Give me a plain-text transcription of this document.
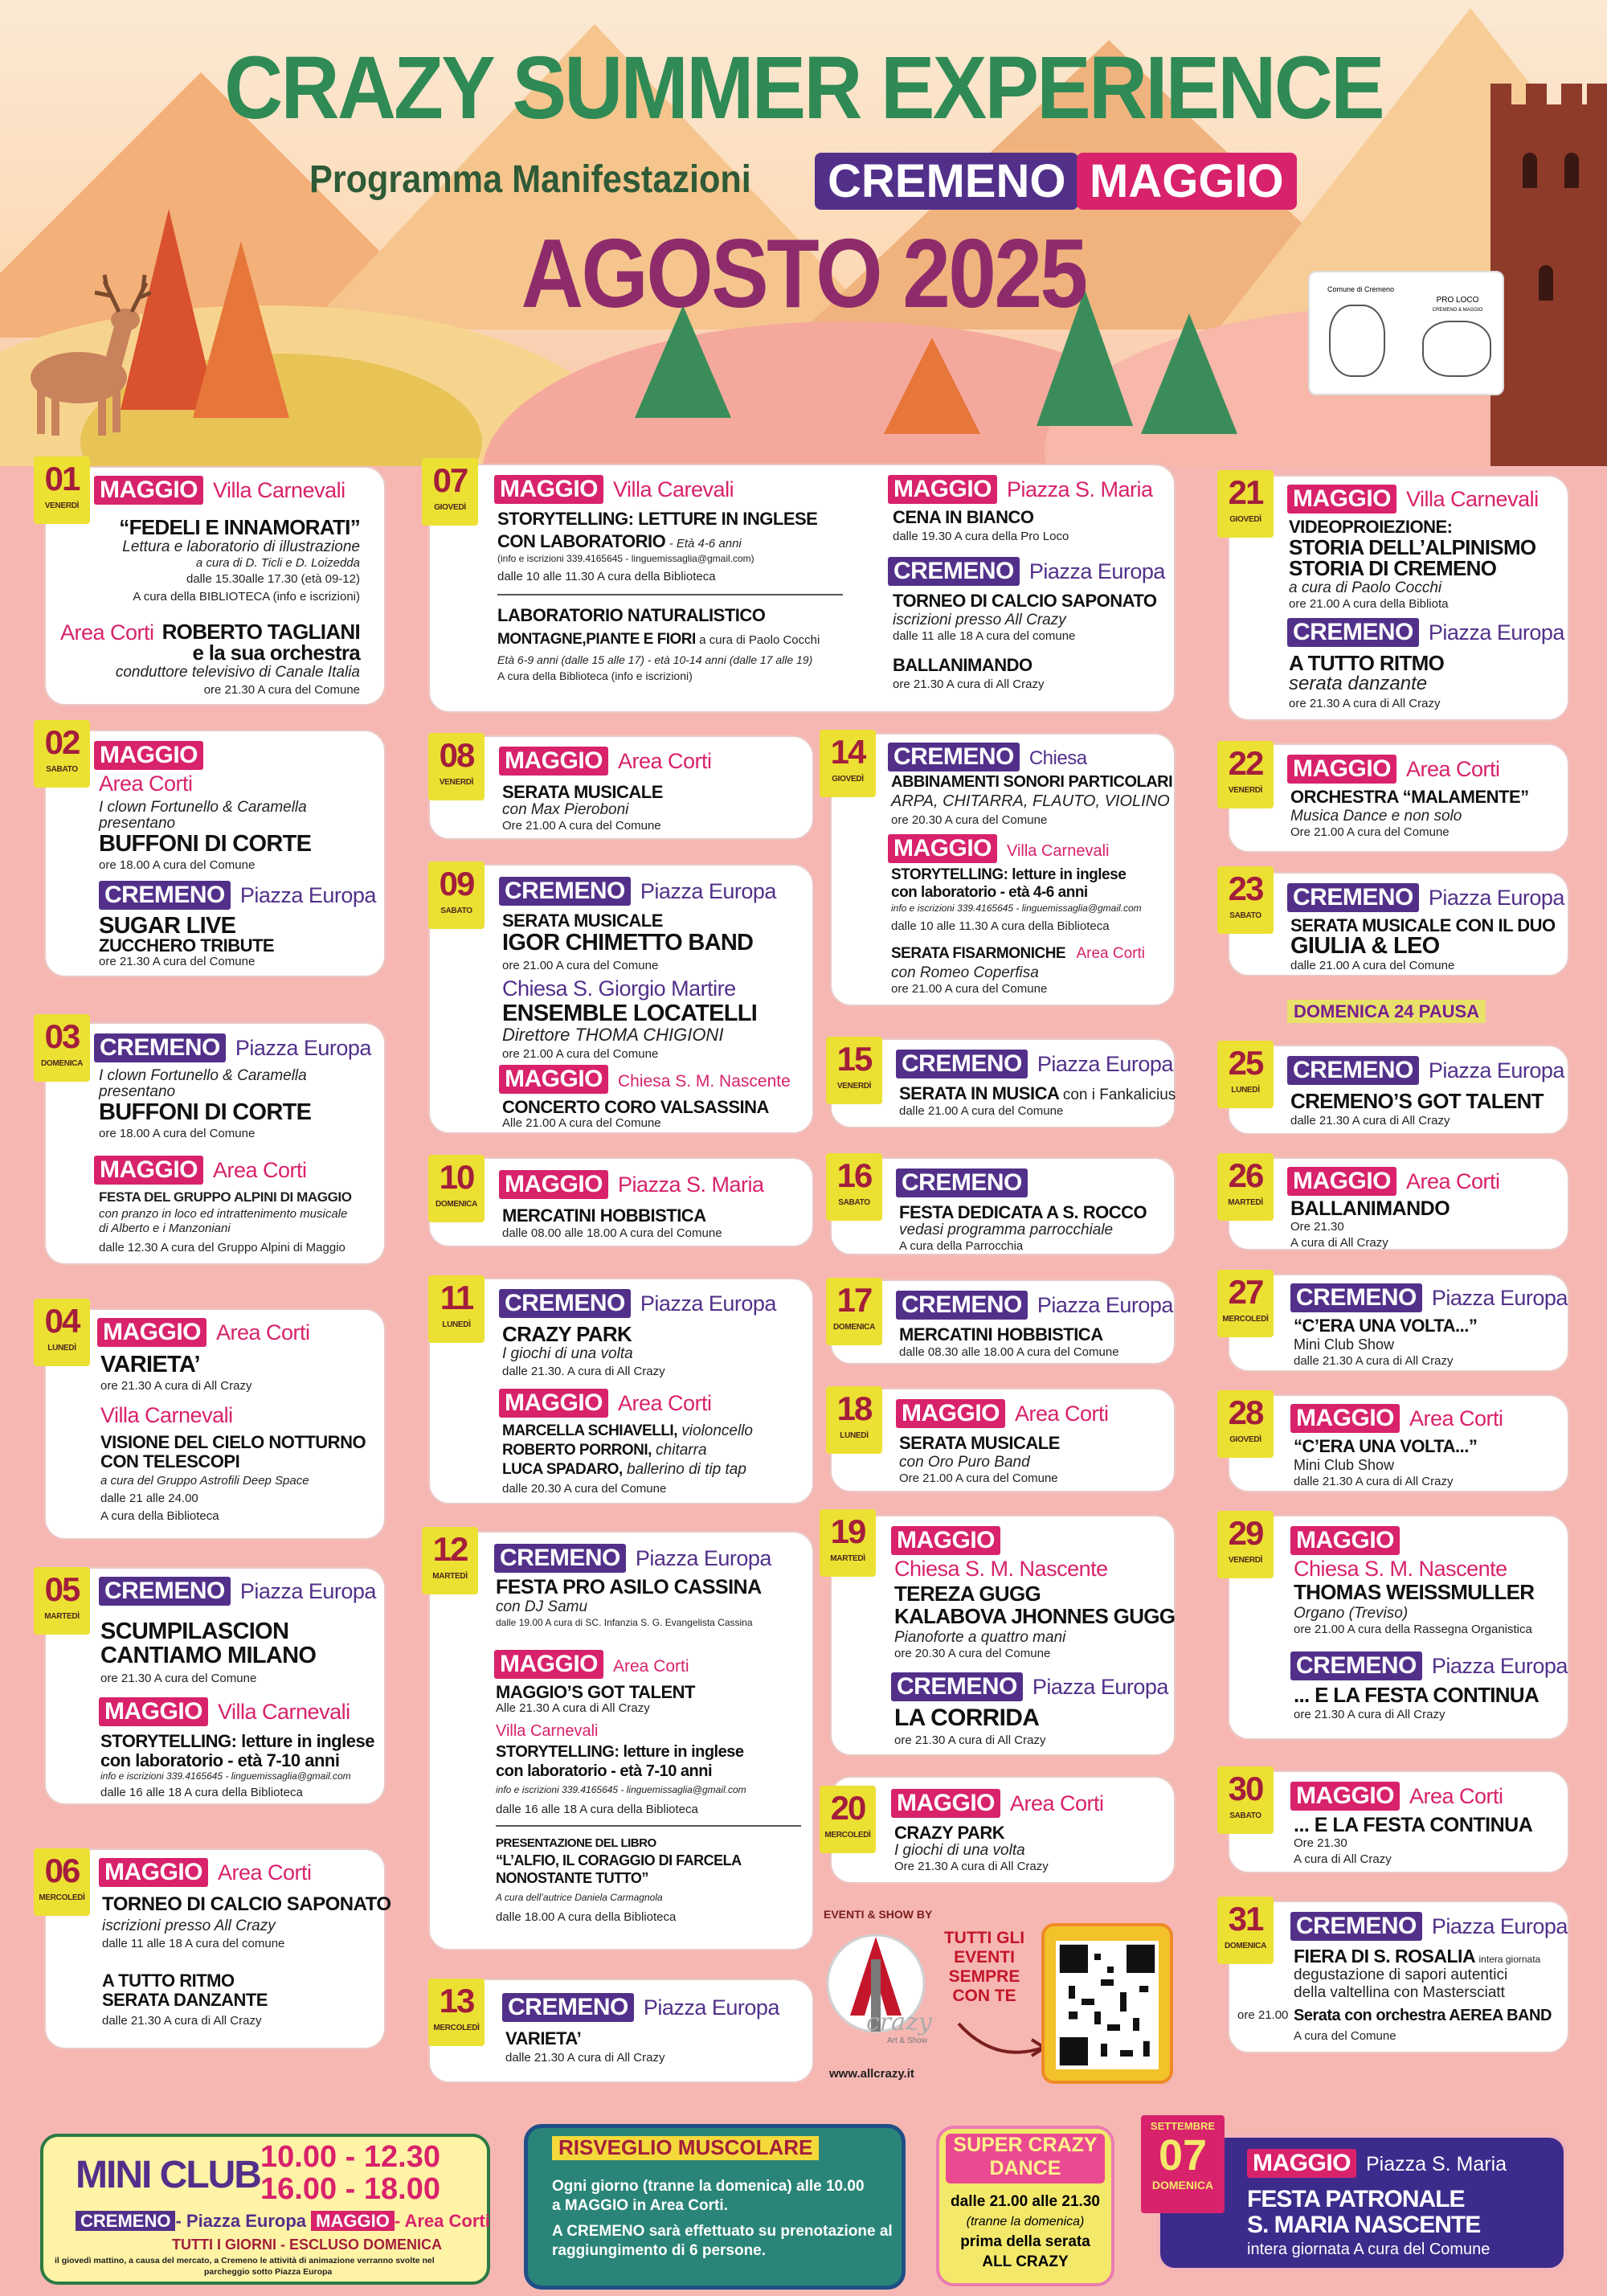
CRAZY SUMMER EXPERIENCE
Programma Manifestazioni CREMENO MAGGIO
AGOSTO 2025	Comune di Cremeno
PRO LOCO
CREMENO & MAGGIO
MAGGIO Villa Carnevali
“FEDELI E INNAMORATI”
Lettura e laboratorio di illustrazione
a cura di D. Ticli e D. Loizedda
dalle 15.30alle 17.30 (età 09-12)
A cura della BIBLIOTECA (info e iscrizioni)
Area Corti ROBERTO TAGLIANI
e la sua orchestra
conduttore televisivo di Canale Italia
ore 21.30 A cura del Comune
01
VENERDÌ
MAGGIO
Area Corti
I clown Fortunello & Caramella
presentano
BUFFONI DI CORTE
ore 18.00 A cura del Comune
CREMENO Piazza Europa
SUGAR LIVE
ZUCCHERO TRIBUTE
ore 21.30 A cura del Comune
02
SABATO
CREMENO Piazza Europa
I clown Fortunello & Caramella
presentano
BUFFONI DI CORTE
ore 18.00 A cura del Comune
MAGGIO Area Corti
FESTA DEL GRUPPO ALPINI DI MAGGIO
con pranzo in loco ed intrattenimento musicale
di Alberto e i Manzoniani
dalle 12.30 A cura del Gruppo Alpini di Maggio
03
DOMENICA
MAGGIO Area Corti
VARIETA’
ore 21.30 A cura di All Crazy
Villa Carnevali
VISIONE DEL CIELO NOTTURNO
CON TELESCOPI
a cura del Gruppo Astrofili Deep Space
dalle 21 alle 24.00
A cura della Biblioteca
04
LUNEDÌ
CREMENO Piazza Europa
SCUMPILASCION
CANTIAMO MILANO
ore 21.30 A cura del Comune
MAGGIO Villa Carnevali
STORYTELLING: letture in inglese
con laboratorio - età 7-10 anni
info e iscrizioni 339.4165645 - linguemissaglia@gmail.com
dalle 16 alle 18 A cura della Biblioteca
05
MARTEDÌ
MAGGIO Area Corti
TORNEO DI CALCIO SAPONATO
iscrizioni presso All Crazy
dalle 11 alle 18 A cura del comune
A TUTTO RITMO
SERATA DANZANTE
dalle 21.30 A cura di All Crazy
06
MERCOLEDÌ
MAGGIO Villa Carevali
STORYTELLING: LETTURE IN INGLESE
CON LABORATORIO - Età 4-6 anni
(info e iscrizioni 339.4165645 - linguemissaglia@gmail.com)
dalle 10 alle 11.30 A cura della Biblioteca
LABORATORIO NATURALISTICO
MONTAGNE,PIANTE E FIORI a cura di Paolo Cocchi
Età 6-9 anni (dalle 15 alle 17) - età 10-14 anni (dalle 17 alle 19)
A cura della Biblioteca (info e iscrizioni)
MAGGIO Piazza S. Maria
CENA IN BIANCO
dalle 19.30 A cura della Pro Loco
CREMENO Piazza Europa
TORNEO DI CALCIO SAPONATO
iscrizioni presso All Crazy
dalle 11 alle 18 A cura del comune
BALLANIMANDO
ore 21.30 A cura di All Crazy
07
GIOVEDÌ
MAGGIO Area Corti
SERATA MUSICALE
con Max Pieroboni
Ore 21.00 A cura del Comune
08
VENERDÌ
CREMENO Piazza Europa
SERATA MUSICALE
IGOR CHIMETTO BAND
ore 21.00 A cura del Comune
Chiesa S. Giorgio Martire
ENSEMBLE LOCATELLI
Direttore THOMA CHIGIONI
ore 21.00 A cura del Comune
MAGGIO Chiesa S. M. Nascente
CONCERTO CORO VALSASSINA
Alle 21.00 A cura del Comune
09
SABATO
MAGGIO Piazza S. Maria
MERCATINI HOBBISTICA
dalle 08.00 alle 18.00 A cura del Comune
10
DOMENICA
CREMENO Piazza Europa
CRAZY PARK
I giochi di una volta
dalle 21.30. A cura di All Crazy
MAGGIO Area Corti
MARCELLA SCHIAVELLI, violoncello
ROBERTO PORRONI, chitarra
LUCA SPADARO, ballerino di tip tap
dalle 20.30 A cura del Comune
11
LUNEDÌ
CREMENO Piazza Europa
FESTA PRO ASILO CASSINA
con DJ Samu
dalle 19.00 A cura di SC. Infanzia S. G. Evangelista Cassina
MAGGIO Area Corti
MAGGIO’S GOT TALENT
Alle 21.30 A cura di All Crazy
Villa Carnevali
STORYTELLING: letture in inglese
con laboratorio - età 7-10 anni
info e iscrizioni 339.4165645 - linguemissaglia@gmail.com
dalle 16 alle 18 A cura della Biblioteca
PRESENTAZIONE DEL LIBRO
“L’ALFIO, IL CORAGGIO DI FARCELA
NONOSTANTE TUTTO”
A cura dell’autrice Daniela Carmagnola
dalle 18.00 A cura della Biblioteca
12
MARTEDÌ
CREMENO Piazza Europa
VARIETA’
dalle 21.30 A cura di All Crazy
13
MERCOLEDÌ
CREMENO Chiesa
ABBINAMENTI SONORI PARTICOLARI
ARPA, CHITARRA, FLAUTO, VIOLINO
ore 20.30 A cura del Comune
MAGGIO Villa Carnevali
STORYTELLING: letture in inglese
con laboratorio - età 4-6 anni
info e iscrizioni 339.4165645 - linguemissaglia@gmail.com
dalle 10 alle 11.30 A cura della Biblioteca
SERATA FISARMONICHE Area Corti
con Romeo Coperfisa
ore 21.00 A cura del Comune
14
GIOVEDÌ
CREMENO Piazza Europa
SERATA IN MUSICA con i Fankalicius
dalle 21.00 A cura del Comune
15
VENERDÌ
CREMENO
FESTA DEDICATA A S. ROCCO
vedasi programma parrocchiale
A cura della Parrocchia
16
SABATO
CREMENO Piazza Europa
MERCATINI HOBBISTICA
dalle 08.30 alle 18.00 A cura del Comune
17
DOMENICA
MAGGIO Area Corti
SERATA MUSICALE
con Oro Puro Band
Ore 21.00 A cura del Comune
18
LUNEDÌ
MAGGIO
Chiesa S. M. Nascente
TEREZA GUGG
KALABOVA JHONNES GUGG
Pianoforte a quattro mani
ore 20.30 A cura del Comune
CREMENO Piazza Europa
LA CORRIDA
ore 21.30 A cura di All Crazy
19
MARTEDÌ
MAGGIO Area Corti
CRAZY PARK
I giochi di una volta
Ore 21.30 A cura di All Crazy
20
MERCOLEDÌ
EVENTI & SHOW BY
crazy
Art & Show
www.allcrazy.it
TUTTI GLI
EVENTI
SEMPRE
CON TE
MAGGIO Villa Carnevali
VIDEOPROIEZIONE:
STORIA DELL’ALPINISMO
STORIA DI CREMENO
a cura di Paolo Cocchi
ore 21.00 A cura della Bibliota
CREMENO Piazza Europa
A TUTTO RITMO
serata danzante
ore 21.30 A cura di All Crazy
21
GIOVEDÌ
MAGGIO Area Corti
ORCHESTRA “MALAMENTE”
Musica Dance e non solo
Ore 21.00 A cura del Comune
22
VENERDÌ
CREMENO Piazza Europa
SERATA MUSICALE CON IL DUO
GIULIA & LEO
dalle 21.00 A cura del Comune
23
SABATO
DOMENICA 24 PAUSA
CREMENO Piazza Europa
CREMENO’S GOT TALENT
dalle 21.30 A cura di All Crazy
25
LUNEDÌ
MAGGIO Area Corti
BALLANIMANDO
Ore 21.30
A cura di All Crazy
26
MARTEDÌ
CREMENO Piazza Europa
“C’ERA UNA VOLTA...”
Mini Club Show
dalle 21.30 A cura di All Crazy
27
MERCOLEDÌ
MAGGIO Area Corti
“C’ERA UNA VOLTA...”
Mini Club Show
dalle 21.30 A cura di All Crazy
28
GIOVEDÌ
MAGGIO
Chiesa S. M. Nascente
THOMAS WEISSMULLER
Organo (Treviso)
ore 21.00 A cura della Rassegna Organistica
CREMENO Piazza Europa
... E LA FESTA CONTINUA
ore 21.30 A cura di All Crazy
29
VENERDÌ
MAGGIO Area Corti
... E LA FESTA CONTINUA
Ore 21.30
A cura di All Crazy
30
SABATO
CREMENO Piazza Europa
FIERA DI S. ROSALIA intera giornata
degustazione di sapori autentici
della valtellina con Mastersciatt
ore 21.00 Serata con orchestra AEREA BAND
A cura del Comune
31
DOMENICA
MINI CLUB 10.00 - 12.30
16.00 - 18.00
CREMENO - Piazza Europa MAGGIO - Area Corti
TUTTI I GIORNI - ESCLUSO DOMENICA
il giovedì mattino, a causa del mercato, a Cremeno le attività di animazione verranno svolte nel
parcheggio sotto Piazza Europa
RISVEGLIO MUSCOLARE
Ogni giorno (tranne la domenica) alle 10.00
a MAGGIO in Area Corti.
A CREMENO sarà effettuato su prenotazione al
raggiungimento di 6 persone.
SUPER CRAZY
DANCE
dalle 21.00 alle 21.30
(tranne la domenica)
prima della serata
ALL CRAZY
MAGGIO Piazza S. Maria
FESTA PATRONALE
S. MARIA NASCENTE
intera giornata A cura del Comune
SETTEMBRE
07
DOMENICA
